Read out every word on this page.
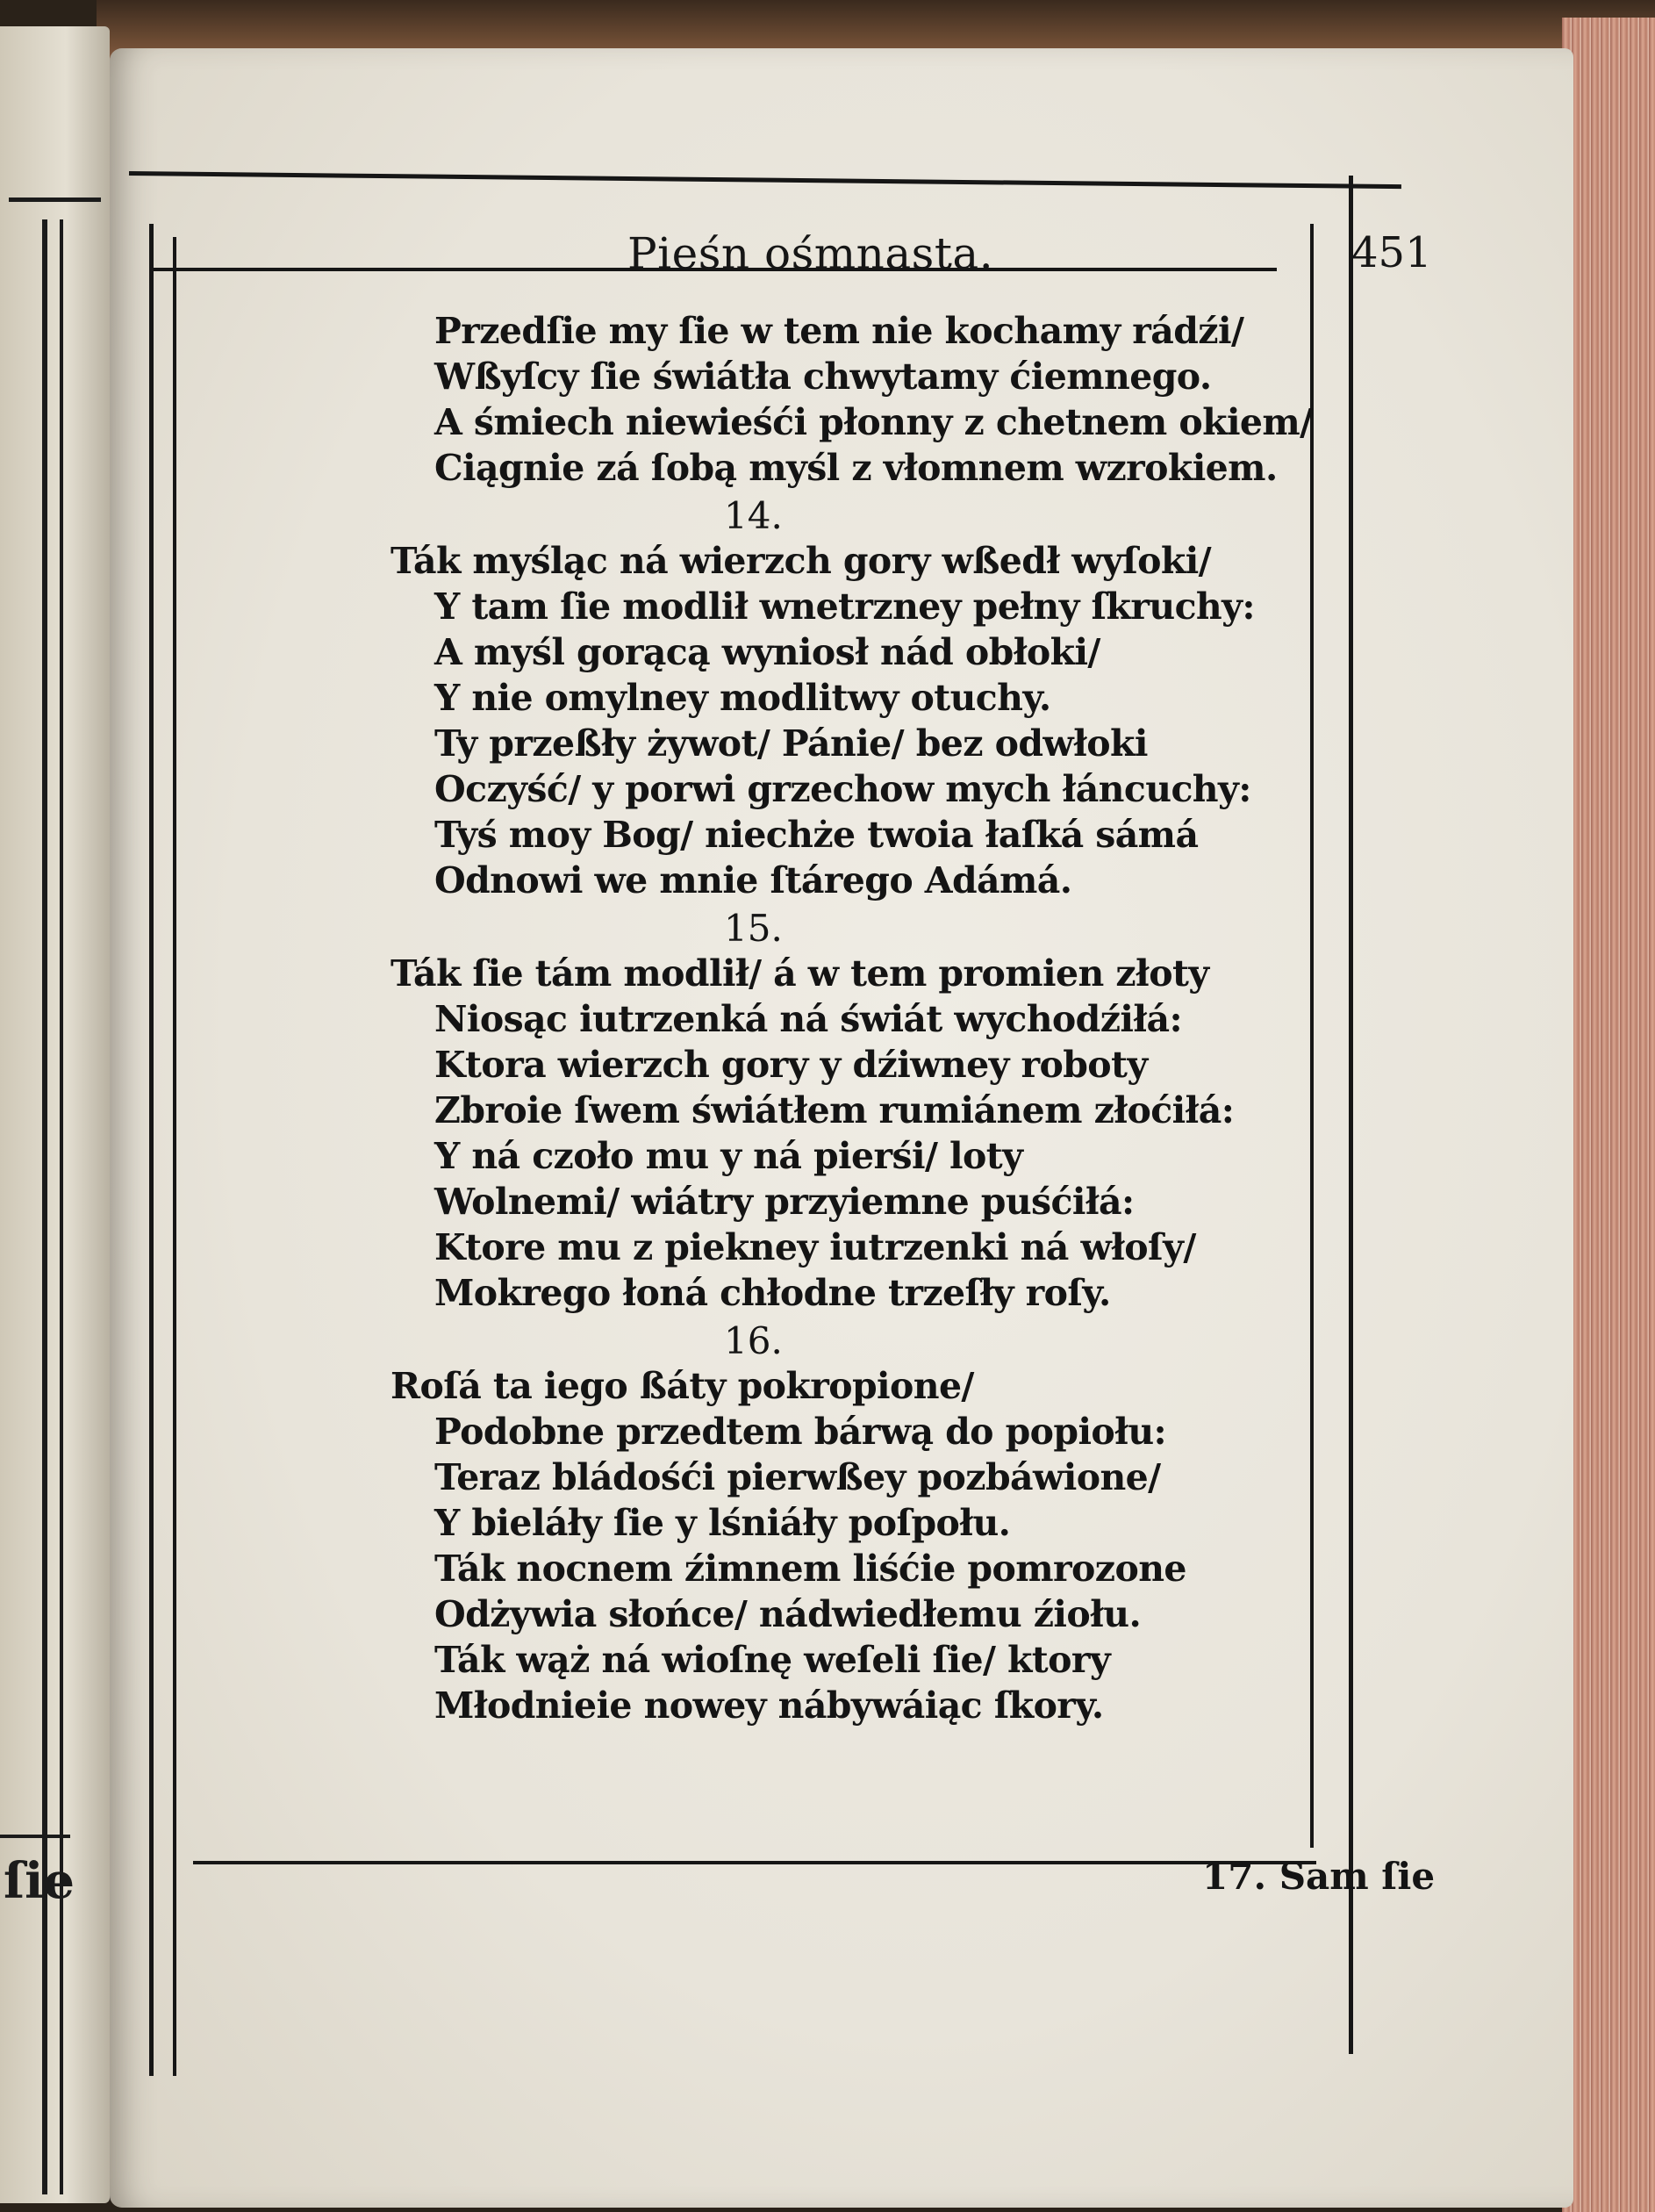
ſie
Pieśn ośmnasta.	451
Przedſie my ſie w tem nie kochamy rádźi/
Wßyſcy ſie świátła chwytamy ćiemnego.
A śmiech niewieśći płonny z chetnem okiem/
Ciągnie zá ſobą myśl z vłomnem wzrokiem.
14.
Ták myśląc ná wierzch gory wßedł wyſoki/
Y tam ſie modlił wnetrzney pełny ſkruchy:
A myśl gorącą wyniosł nád obłoki/
Y nie omylney modlitwy otuchy.
Ty przeßły żywot/ Pánie/ bez odwłoki
Oczyść/ y porwi grzechow mych łáncuchy:
Tyś moy Bog/ niechże twoia łaſká sámá
Odnowi we mnie ſtárego Adámá.
15.
Ták ſie tám modlił/ á w tem promien złoty
Niosąc iutrzenká ná świát wychodźiłá:
Ktora wierzch gory y dźiwney roboty
Zbroie ſwem świátłem rumiánem złoćiłá:
Y ná czoło mu y ná pierśi/ loty
Wolnemi/ wiátry przyiemne puśćiłá:
Ktore mu z piekney iutrzenki ná włoſy/
Mokrego łoná chłodne trzeſły roſy.
16.
Roſá ta iego ßáty pokropione/
Podobne przedtem bárwą do popiołu:
Teraz bládośći pierwßey pozbáwione/
Y bieláły ſie y lśniáły poſpołu.
Ták nocnem źimnem liśćie pomrozone
Odżywia słońce/ nádwiedłemu źiołu.
Ták wąż ná wioſnę weſeli ſie/ ktory
Młodnieie nowey nábywáiąc ſkory.
17. Sam ſie
